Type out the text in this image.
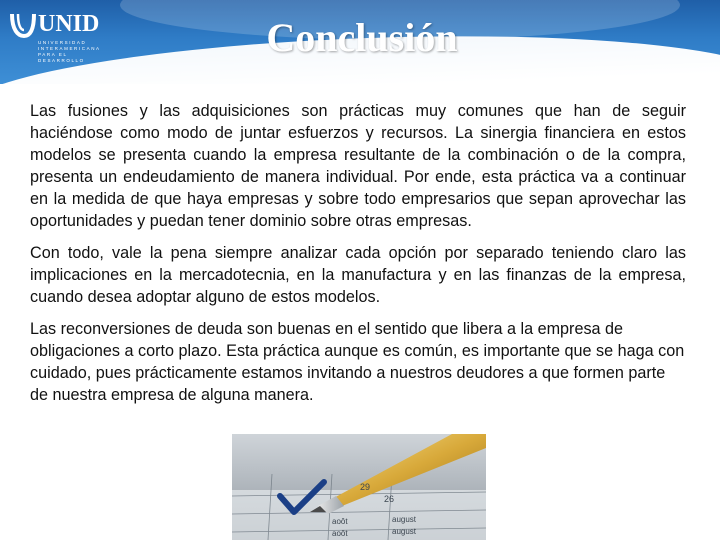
UNID
UNIVERSIDAD INTERAMERICANA PARA EL DESARROLLO
Conclusión

Las fusiones y las adquisiciones son prácticas muy comunes que han de seguir haciéndose como modo de juntar esfuerzos y recursos. La sinergia financiera en estos modelos se presenta cuando la empresa resultante de la combinación o de la compra, presenta un endeudamiento de manera individual. Por ende, esta práctica va a continuar en la medida de que haya empresas y sobre todo empresarios que sepan aprovechar las oportunidades y puedan tener dominio sobre otras empresas.

Con todo, vale la pena siempre analizar cada opción por separado teniendo claro las implicaciones en la mercadotecnia, en la manufactura y en las finanzas de la empresa, cuando desea adoptar alguno de estos modelos.

Las reconversiones de deuda son buenas en el sentido que libera a la empresa de obligaciones a corto plazo. Esta práctica aunque es común, es importante que se haga con cuidado, pues prácticamente estamos invitando a nuestros deudores a que formen parte de nuestra empresa de alguna manera.

29
26
aoôt	august
aoôt	august
